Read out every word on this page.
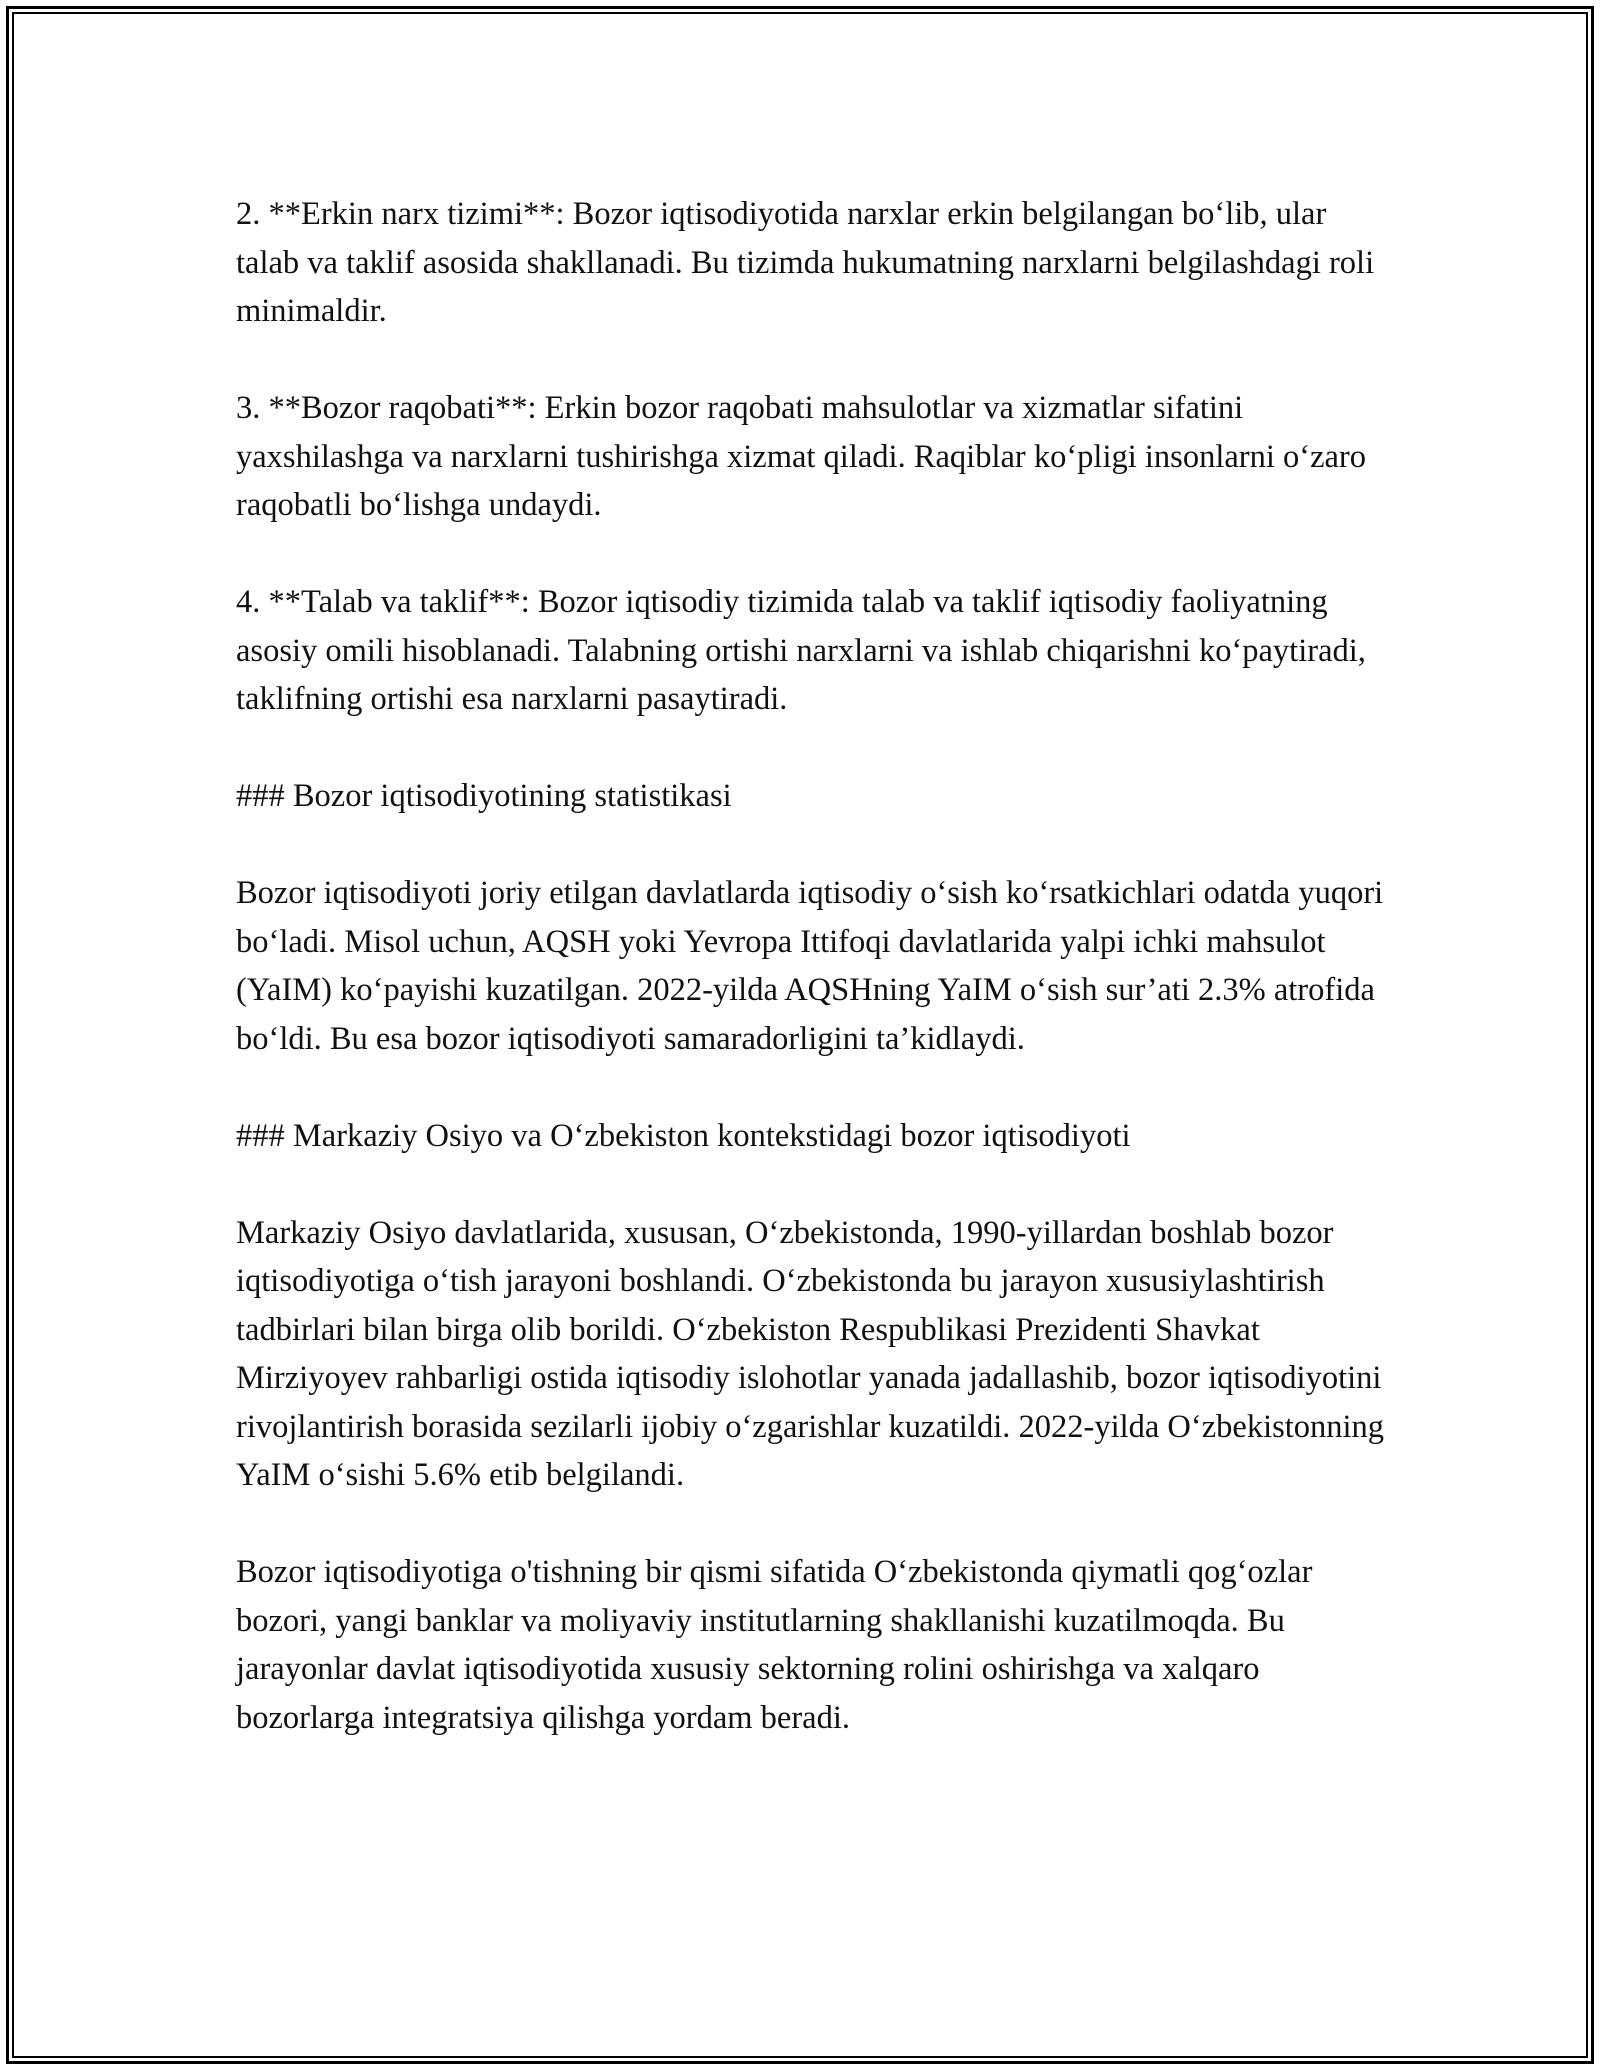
2. **Erkin narx tizimi**: Bozor iqtisodiyotida narxlar erkin belgilangan bo‘lib, ular talab va taklif asosida shakllanadi. Bu tizimda hukumatning narxlarni belgilashdagi roli minimaldir.

3. **Bozor raqobati**: Erkin bozor raqobati mahsulotlar va xizmatlar sifatini yaxshilashga va narxlarni tushirishga xizmat qiladi. Raqiblar ko‘pligi insonlarni o‘zaro raqobatli bo‘lishga undaydi.

4. **Talab va taklif**: Bozor iqtisodiy tizimida talab va taklif iqtisodiy faoliyatning asosiy omili hisoblanadi. Talabning ortishi narxlarni va ishlab chiqarishni ko‘paytiradi, taklifning ortishi esa narxlarni pasaytiradi.

### Bozor iqtisodiyotining statistikasi

Bozor iqtisodiyoti joriy etilgan davlatlarda iqtisodiy o‘sish ko‘rsatkichlari odatda yuqori bo‘ladi. Misol uchun, AQSH yoki Yevropa Ittifoqi davlatlarida yalpi ichki mahsulot (YaIM) ko‘payishi kuzatilgan. 2022-yilda AQSHning YaIM o‘sish sur’ati 2.3% atrofida bo‘ldi. Bu esa bozor iqtisodiyoti samaradorligini ta’kidlaydi.

### Markaziy Osiyo va O‘zbekiston kontekstidagi bozor iqtisodiyoti

Markaziy Osiyo davlatlarida, xususan, O‘zbekistonda, 1990-yillardan boshlab bozor iqtisodiyotiga o‘tish jarayoni boshlandi. O‘zbekistonda bu jarayon xususiylashtirish tadbirlari bilan birga olib borildi. O‘zbekiston Respublikasi Prezidenti Shavkat Mirziyoyev rahbarligi ostida iqtisodiy islohotlar yanada jadallashib, bozor iqtisodiyotini rivojlantirish borasida sezilarli ijobiy o‘zgarishlar kuzatildi. 2022-yilda O‘zbekistonning YaIM o‘sishi 5.6% etib belgilandi.

Bozor iqtisodiyotiga o'tishning bir qismi sifatida O‘zbekistonda qiymatli qog‘ozlar bozori, yangi banklar va moliyaviy institutlarning shakllanishi kuzatilmoqda. Bu jarayonlar davlat iqtisodiyotida xususiy sektorning rolini oshirishga va xalqaro bozorlarga integratsiya qilishga yordam beradi.
